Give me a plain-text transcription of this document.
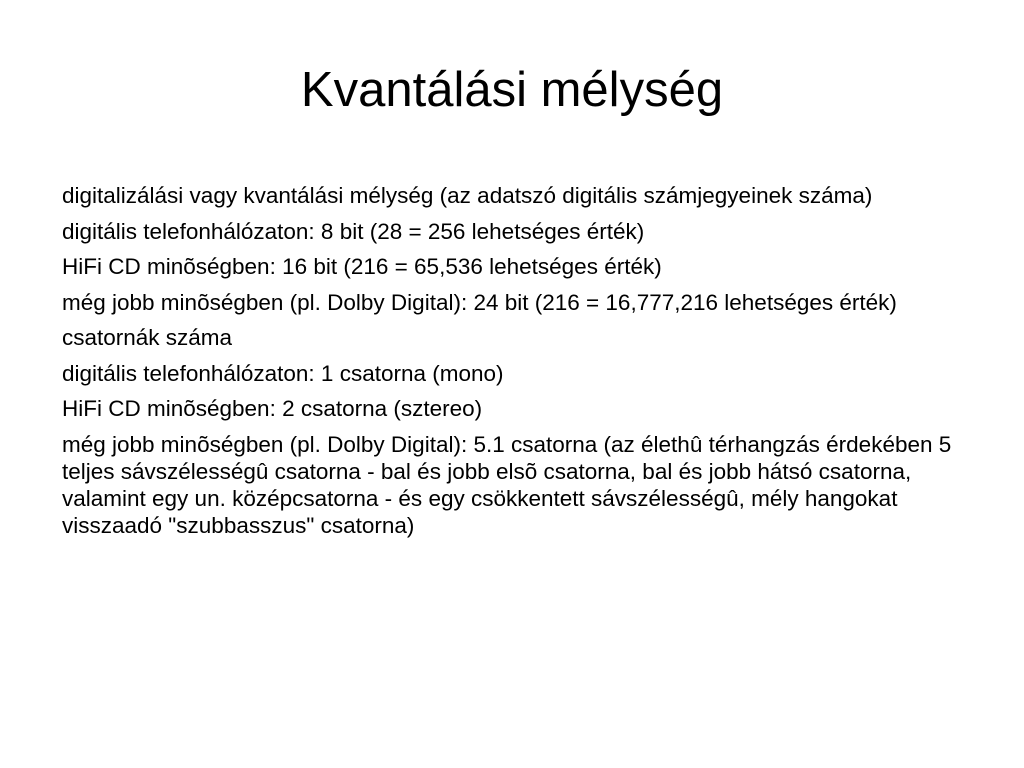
Kvantálási mélység
digitalizálási vagy kvantálási mélység (az adatszó digitális számjegyeinek száma)
digitális telefonhálózaton: 8 bit (28 = 256 lehetséges érték)
HiFi CD minõségben: 16 bit (216 = 65,536 lehetséges érték)
még jobb minõségben (pl. Dolby Digital): 24 bit (216 = 16,777,216 lehetséges érték)
csatornák száma
digitális telefonhálózaton: 1 csatorna (mono)
HiFi CD minõségben: 2 csatorna (sztereo)
még jobb minõségben (pl. Dolby Digital): 5.1 csatorna (az élethû térhangzás érdekében 5 teljes sávszélességû csatorna - bal és jobb elsõ csatorna, bal és jobb hátsó csatorna, valamint egy un. középcsatorna - és egy csökkentett sávszélességû, mély hangokat visszaadó "szubbasszus" csatorna)
